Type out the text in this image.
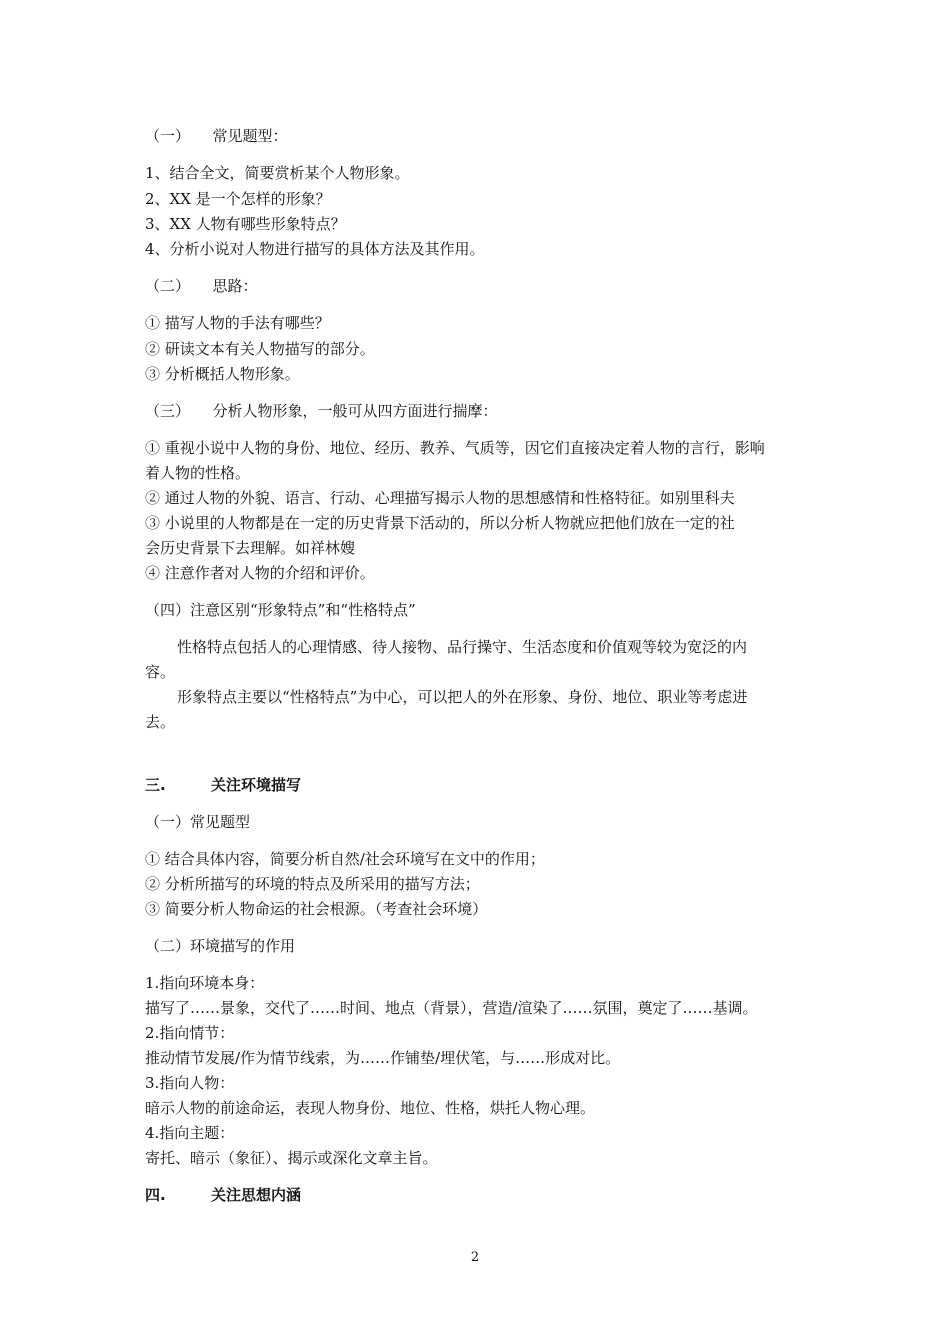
（一）　　常见题型：
1、结合全文，简要赏析某个人物形象。
2、XX 是一个怎样的形象？
3、XX 人物有哪些形象特点？
4、分析小说对人物进行描写的具体方法及其作用。
（二）　　思路：
① 描写人物的手法有哪些？
② 研读文本有关人物描写的部分。
③ 分析概括人物形象。
（三）　　分析人物形象，一般可从四方面进行揣摩：
① 重视小说中人物的身份、地位、经历、教养、气质等，因它们直接决定着人物的言行，影响
着人物的性格。
② 通过人物的外貌、语言、行动、心理描写揭示人物的思想感情和性格特征。如别里科夫
③ 小说里的人物都是在一定的历史背景下活动的，所以分析人物就应把他们放在一定的社
会历史背景下去理解。如祥林嫂
④ 注意作者对人物的介绍和评价。
（四）注意区别“形象特点”和“性格特点”
性格特点包括人的心理情感、待人接物、品行操守、生活态度和价值观等较为宽泛的内
容。
形象特点主要以“性格特点”为中心，可以把人的外在形象、身份、地位、职业等考虑进
去。
三.	关注环境描写
（一）常见题型
① 结合具体内容，简要分析自然/社会环境写在文中的作用；
② 分析所描写的环境的特点及所采用的描写方法；
③ 简要分析人物命运的社会根源。（考查社会环境）
（二）环境描写的作用
1.指向环境本身：
描写了……景象，交代了……时间、地点（背景），营造/渲染了……氛围，奠定了……基调。
2.指向情节：
推动情节发展/作为情节线索，为……作铺垫/埋伏笔，与……形成对比。
3.指向人物：
暗示人物的前途命运，表现人物身份、地位、性格，烘托人物心理。
4.指向主题：
寄托、暗示（象征）、揭示或深化文章主旨。
四.	关注思想内涵
2
